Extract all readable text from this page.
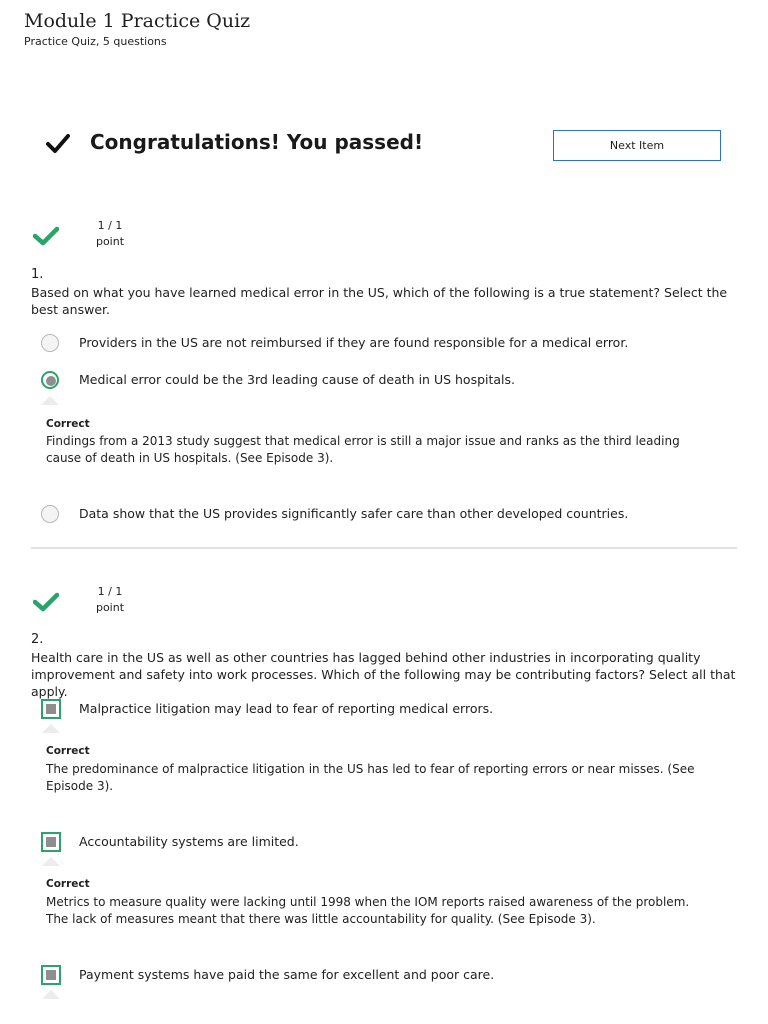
Module 1 Practice Quiz
Practice Quiz, 5 questions
Congratulations! You passed!	Next Item
1 / 1
point
1.
Based on what you have learned medical error in the US, which of the following is a true statement? Select the best answer.
Providers in the US are not reimbursed if they are found responsible for a medical error.
Medical error could be the 3rd leading cause of death in US hospitals.
Correct
Findings from a 2013 study suggest that medical error is still a major issue and ranks as the third leading cause of death in US hospitals. (See Episode 3).
Data show that the US provides significantly safer care than other developed countries.
1 / 1
point
2.
Health care in the US as well as other countries has lagged behind other industries in incorporating quality improvement and safety into work processes. Which of the following may be contributing factors? Select all that apply.
Malpractice litigation may lead to fear of reporting medical errors.
Correct
The predominance of malpractice litigation in the US has led to fear of reporting errors or near misses. (See Episode 3).
Accountability systems are limited.
Correct
Metrics to measure quality were lacking until 1998 when the IOM reports raised awareness of the problem. The lack of measures meant that there was little accountability for quality. (See Episode 3).
Payment systems have paid the same for excellent and poor care.
